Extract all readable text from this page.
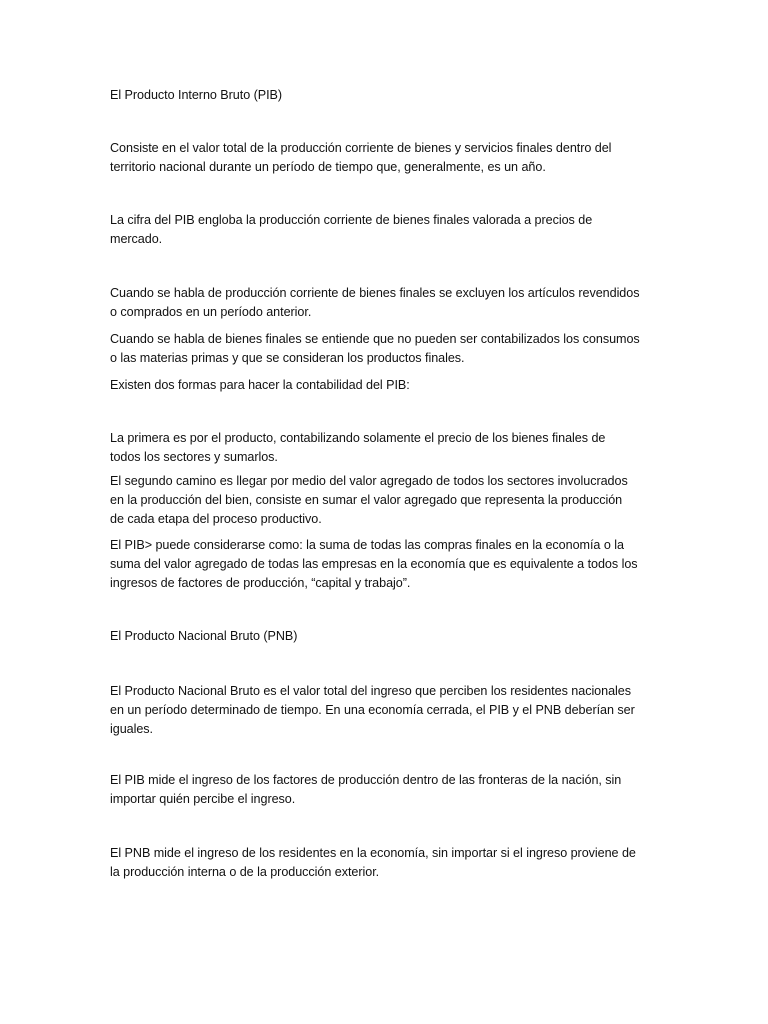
El Producto Interno Bruto (PIB)

Consiste en el valor total de la producción corriente de bienes y servicios finales dentro del
territorio nacional durante un período de tiempo que, generalmente, es un año.

La cifra del PIB engloba la producción corriente de bienes finales valorada a precios de
mercado.

Cuando se habla de producción corriente de bienes finales se excluyen los artículos revendidos
o comprados en un período anterior.

Cuando se habla de bienes finales se entiende que no pueden ser contabilizados los consumos
o las materias primas y que se consideran los productos finales.

Existen dos formas para hacer la contabilidad del PIB:

La primera es por el producto, contabilizando solamente el precio de los bienes finales de
todos los sectores y sumarlos.

El segundo camino es llegar por medio del valor agregado de todos los sectores involucrados
en la producción del bien, consiste en sumar el valor agregado que representa la producción
de cada etapa del proceso productivo.

El PIB> puede considerarse como: la suma de todas las compras finales en la economía o la
suma del valor agregado de todas las empresas en la economía que es equivalente a todos los
ingresos de factores de producción, “capital y trabajo”.

El Producto Nacional Bruto (PNB)

El Producto Nacional Bruto es el valor total del ingreso que perciben los residentes nacionales
en un período determinado de tiempo. En una economía cerrada, el PIB y el PNB deberían ser
iguales.

El PIB mide el ingreso de los factores de producción dentro de las fronteras de la nación, sin
importar quién percibe el ingreso.

El PNB mide el ingreso de los residentes en la economía, sin importar si el ingreso proviene de
la producción interna o de la producción exterior.
